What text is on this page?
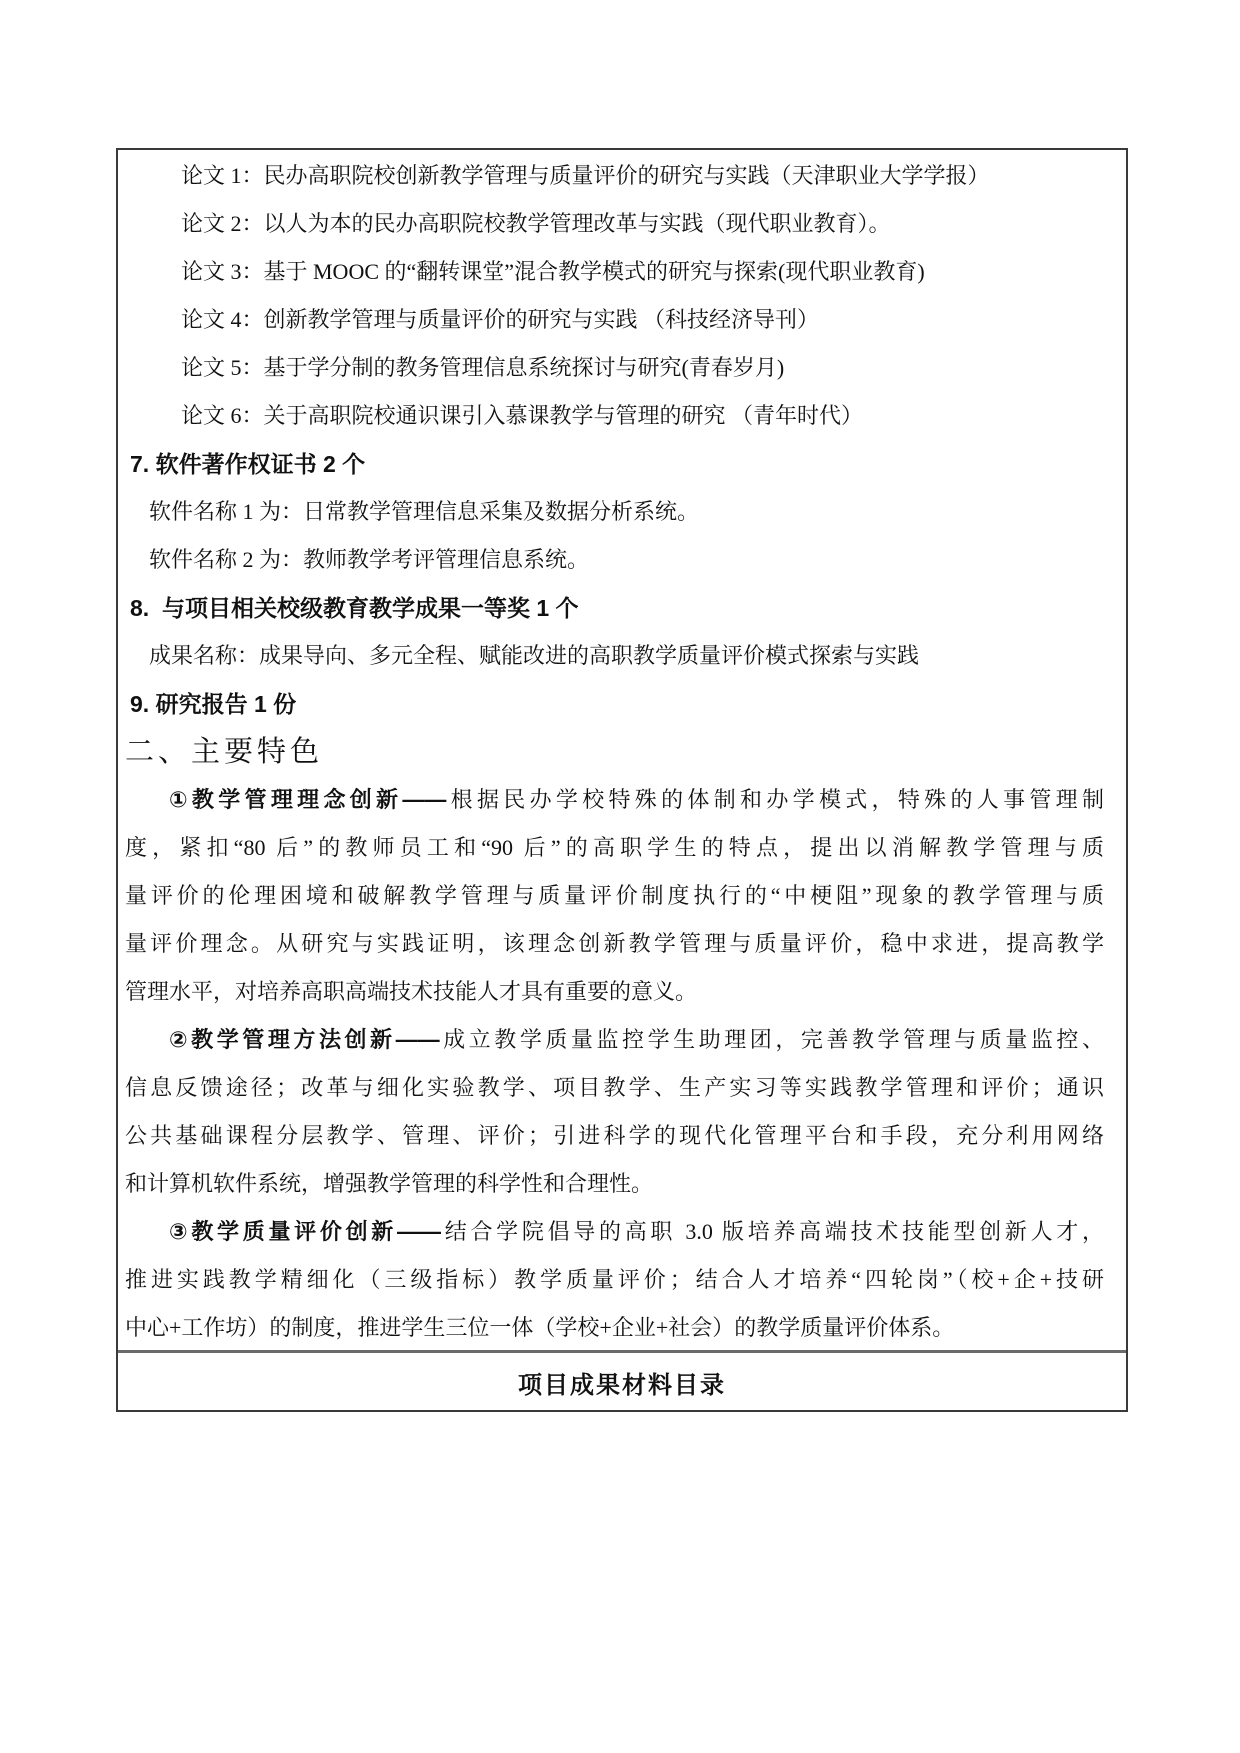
论文 1：民办高职院校创新教学管理与质量评价的研究与实践（天津职业大学学报）
论文 2：以人为本的民办高职院校教学管理改革与实践（现代职业教育）。
论文 3：基于 MOOC 的“翻转课堂”混合教学模式的研究与探索(现代职业教育)
论文 4：创新教学管理与质量评价的研究与实践 （科技经济导刊）
论文 5：基于学分制的教务管理信息系统探讨与研究(青春岁月)
论文 6：关于高职院校通识课引入慕课教学与管理的研究 （青年时代）
7. 软件著作权证书 2 个
软件名称 1 为：日常教学管理信息采集及数据分析系统。
软件名称 2 为：教师教学考评管理信息系统。
8.  与项目相关校级教育教学成果一等奖 1 个
成果名称：成果导向、多元全程、赋能改进的高职教学质量评价模式探索与实践
9. 研究报告 1 份
二、主要特色
①教学管理理念创新——根据民办学校特殊的体制和办学模式，特殊的人事管理制
度，紧扣“80 后”的教师员工和“90 后”的高职学生的特点，提出以消解教学管理与质
量评价的伦理困境和破解教学管理与质量评价制度执行的“中梗阻”现象的教学管理与质
量评价理念。从研究与实践证明，该理念创新教学管理与质量评价，稳中求进，提高教学
管理水平，对培养高职高端技术技能人才具有重要的意义。
②教学管理方法创新——成立教学质量监控学生助理团，完善教学管理与质量监控、
信息反馈途径；改革与细化实验教学、项目教学、生产实习等实践教学管理和评价；通识
公共基础课程分层教学、管理、评价；引进科学的现代化管理平台和手段，充分利用网络
和计算机软件系统，增强教学管理的科学性和合理性。
③教学质量评价创新——结合学院倡导的高职 3.0 版培养高端技术技能型创新人才，
推进实践教学精细化（三级指标）教学质量评价；结合人才培养“四轮岗”（校+企+技研
中心+工作坊）的制度，推进学生三位一体（学校+企业+社会）的教学质量评价体系。
项目成果材料目录
